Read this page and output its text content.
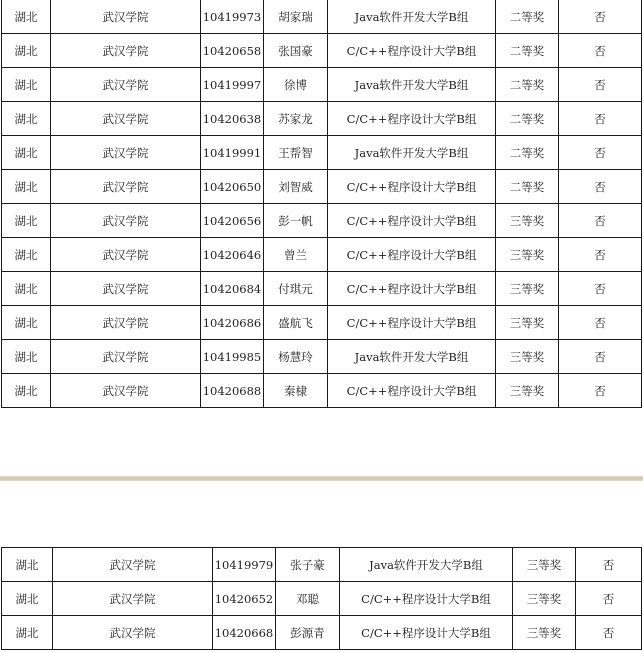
湖北	武汉学院	10419973	胡家瑞	Java软件开发大学B组	二等奖	否
湖北	武汉学院	10420658	张国豪	C/C++程序设计大学B组	二等奖	否
湖北	武汉学院	10419997	徐博	Java软件开发大学B组	二等奖	否
湖北	武汉学院	10420638	苏家龙	C/C++程序设计大学B组	二等奖	否
湖北	武汉学院	10419991	王帮智	Java软件开发大学B组	二等奖	否
湖北	武汉学院	10420650	刘智威	C/C++程序设计大学B组	二等奖	否
湖北	武汉学院	10420656	彭一帆	C/C++程序设计大学B组	三等奖	否
湖北	武汉学院	10420646	曾兰	C/C++程序设计大学B组	三等奖	否
湖北	武汉学院	10420684	付琪元	C/C++程序设计大学B组	三等奖	否
湖北	武汉学院	10420686	盛航飞	C/C++程序设计大学B组	三等奖	否
湖北	武汉学院	10419985	杨慧玲	Java软件开发大学B组	三等奖	否
湖北	武汉学院	10420688	秦棣	C/C++程序设计大学B组	三等奖	否
湖北	武汉学院	10419979	张子豪	Java软件开发大学B组	三等奖	否
湖北	武汉学院	10420652	邓聪	C/C++程序设计大学B组	三等奖	否
湖北	武汉学院	10420668	彭源青	C/C++程序设计大学B组	三等奖	否
